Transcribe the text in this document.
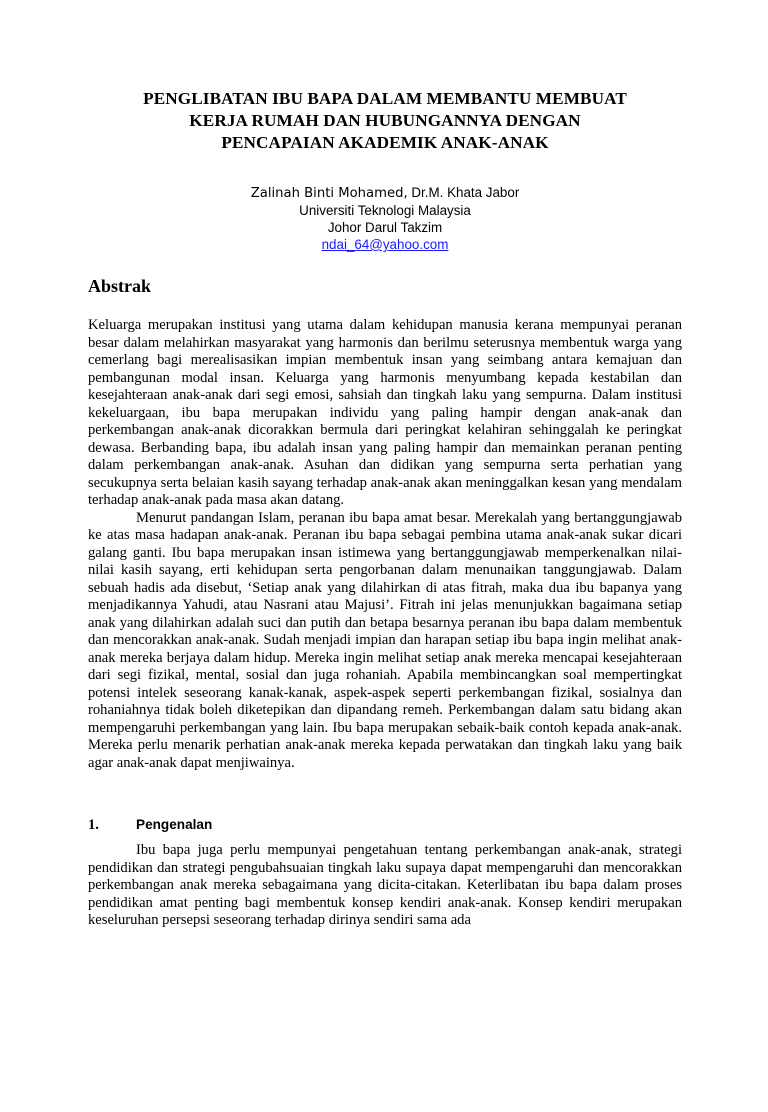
PENGLIBATAN IBU BAPA DALAM MEMBANTU MEMBUAT
KERJA RUMAH DAN HUBUNGANNYA DENGAN
PENCAPAIAN AKADEMIK ANAK-ANAK
Zalinah Binti Mohamed, Dr.M. Khata Jabor
Universiti Teknologi Malaysia
Johor Darul Takzim
ndai_64@yahoo.com
Abstrak

Keluarga merupakan institusi yang utama dalam kehidupan manusia kerana mempunyai peranan besar dalam melahirkan masyarakat yang harmonis dan berilmu seterusnya membentuk warga yang cemerlang bagi merealisasikan impian membentuk insan yang seimbang antara kemajuan dan pembangunan modal insan. Keluarga yang harmonis menyumbang kepada kestabilan dan kesejahteraan anak-anak dari segi emosi, sahsiah dan tingkah laku yang sempurna. Dalam institusi kekeluargaan, ibu bapa merupakan individu yang paling hampir dengan anak-anak dan perkembangan anak-anak dicorakkan bermula dari peringkat kelahiran sehinggalah ke peringkat dewasa. Berbanding bapa, ibu adalah insan yang paling hampir dan memainkan peranan penting dalam perkembangan anak-anak. Asuhan dan didikan yang sempurna serta perhatian yang secukupnya serta belaian kasih sayang terhadap anak-anak akan meninggalkan kesan yang mendalam terhadap anak-anak pada masa akan datang.

Menurut pandangan Islam, peranan ibu bapa amat besar. Merekalah yang bertanggungjawab ke atas masa hadapan anak-anak. Peranan ibu bapa sebagai pembina utama anak-anak sukar dicari galang ganti. Ibu bapa merupakan insan istimewa yang bertanggungjawab memperkenalkan nilai-nilai kasih sayang, erti kehidupan serta pengorbanan dalam menunaikan tanggungjawab. Dalam sebuah hadis ada disebut, ‘Setiap anak yang dilahirkan di atas fitrah, maka dua ibu bapanya yang menjadikannya Yahudi, atau Nasrani atau Majusi’. Fitrah ini jelas menunjukkan bagaimana setiap anak yang dilahirkan adalah suci dan putih dan betapa besarnya peranan ibu bapa dalam membentuk dan mencorakkan anak-anak. Sudah menjadi impian dan harapan setiap ibu bapa ingin melihat anak-anak mereka berjaya dalam hidup. Mereka ingin melihat setiap anak mereka mencapai kesejahteraan dari segi fizikal, mental, sosial dan juga rohaniah. Apabila membincangkan soal mempertingkat potensi intelek seseorang kanak-kanak, aspek-aspek seperti perkembangan fizikal, sosialnya dan rohaniahnya tidak boleh diketepikan dan dipandang remeh. Perkembangan dalam satu bidang akan mempengaruhi perkembangan yang lain. Ibu bapa merupakan sebaik-baik contoh kepada anak-anak. Mereka perlu menarik perhatian anak-anak mereka kepada perwatakan dan tingkah laku yang baik agar anak-anak dapat menjiwainya.

1.	Pengenalan

Ibu bapa juga perlu mempunyai pengetahuan tentang perkembangan anak-anak, strategi pendidikan dan strategi pengubahsuaian tingkah laku supaya dapat mempengaruhi dan mencorakkan perkembangan anak mereka sebagaimana yang dicita-citakan. Keterlibatan ibu bapa dalam proses pendidikan amat penting bagi membentuk konsep kendiri anak-anak. Konsep kendiri merupakan keseluruhan persepsi seseorang terhadap dirinya sendiri sama ada
